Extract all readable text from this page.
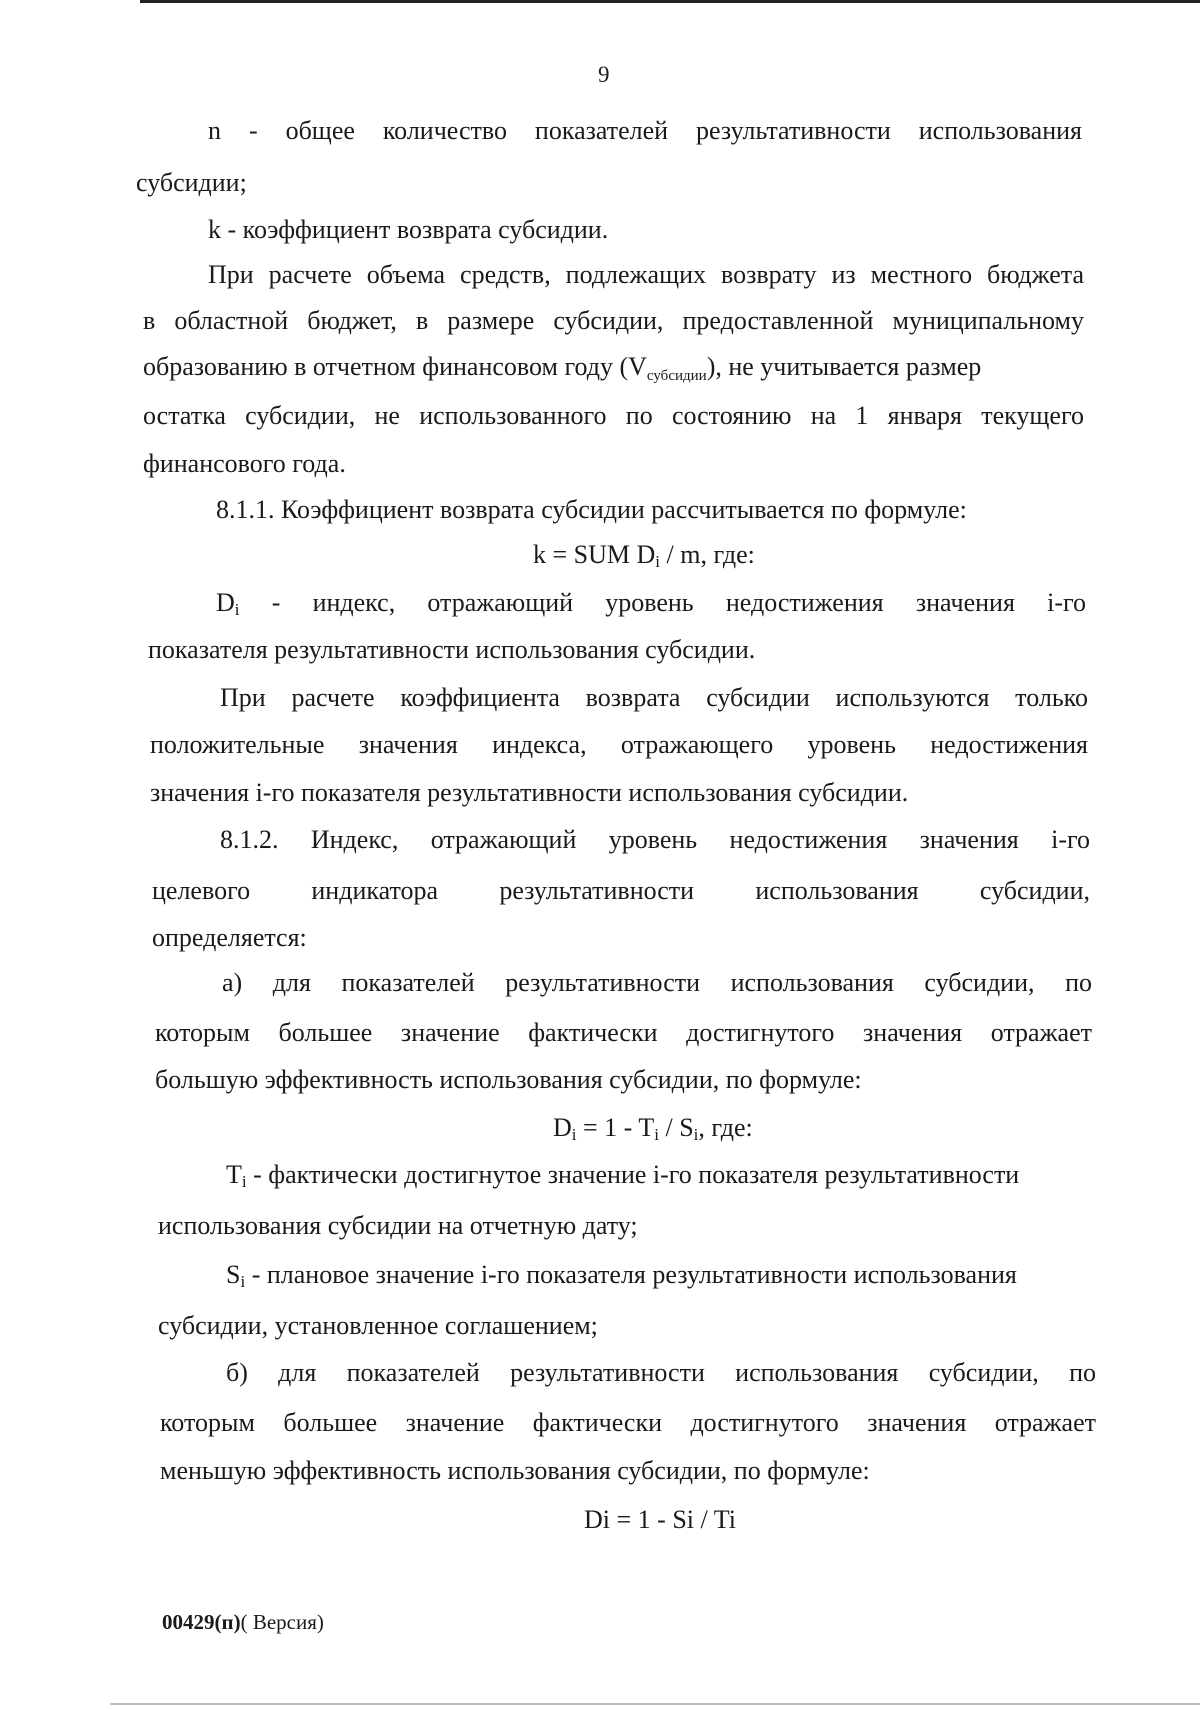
9
n - общее количество показателей результативности использования
субсидии;
k - коэффициент возврата субсидии.
При расчете объема средств, подлежащих возврату из местного бюджета
в областной бюджет, в размере субсидии, предоставленной муниципальному
образованию в отчетном финансовом году (Vсубсидии), не учитывается размер
остатка субсидии, не использованного по состоянию на 1 января текущего
финансового года.
8.1.1. Коэффициент возврата субсидии рассчитывается по формуле:
k = SUM $D_i$ / m, где:
$D_i$ - индекс, отражающий уровень недостижения значения i-го
показателя результативности использования субсидии.
При расчете коэффициента возврата субсидии используются только
положительные значения индекса, отражающего уровень недостижения
значения i-го показателя результативности использования субсидии.
8.1.2. Индекс, отражающий уровень недостижения значения i-го
целевого индикатора результативности использования субсидии,
определяется:
а) для показателей результативности использования субсидии, по
которым большее значение фактически достигнутого значения отражает
большую эффективность использования субсидии, по формуле:
$D_i = 1 - T_i / S_i$, где:
$T_i$ - фактически достигнутое значение i-го показателя результативности
использования субсидии на отчетную дату;
$S_i$ - плановое значение i-го показателя результативности использования
субсидии, установленное соглашением;
б) для показателей результативности использования субсидии, по
которым большее значение фактически достигнутого значения отражает
меньшую эффективность использования субсидии, по формуле:
Di = 1 - Si / Ti
00429(п)( Версия)
